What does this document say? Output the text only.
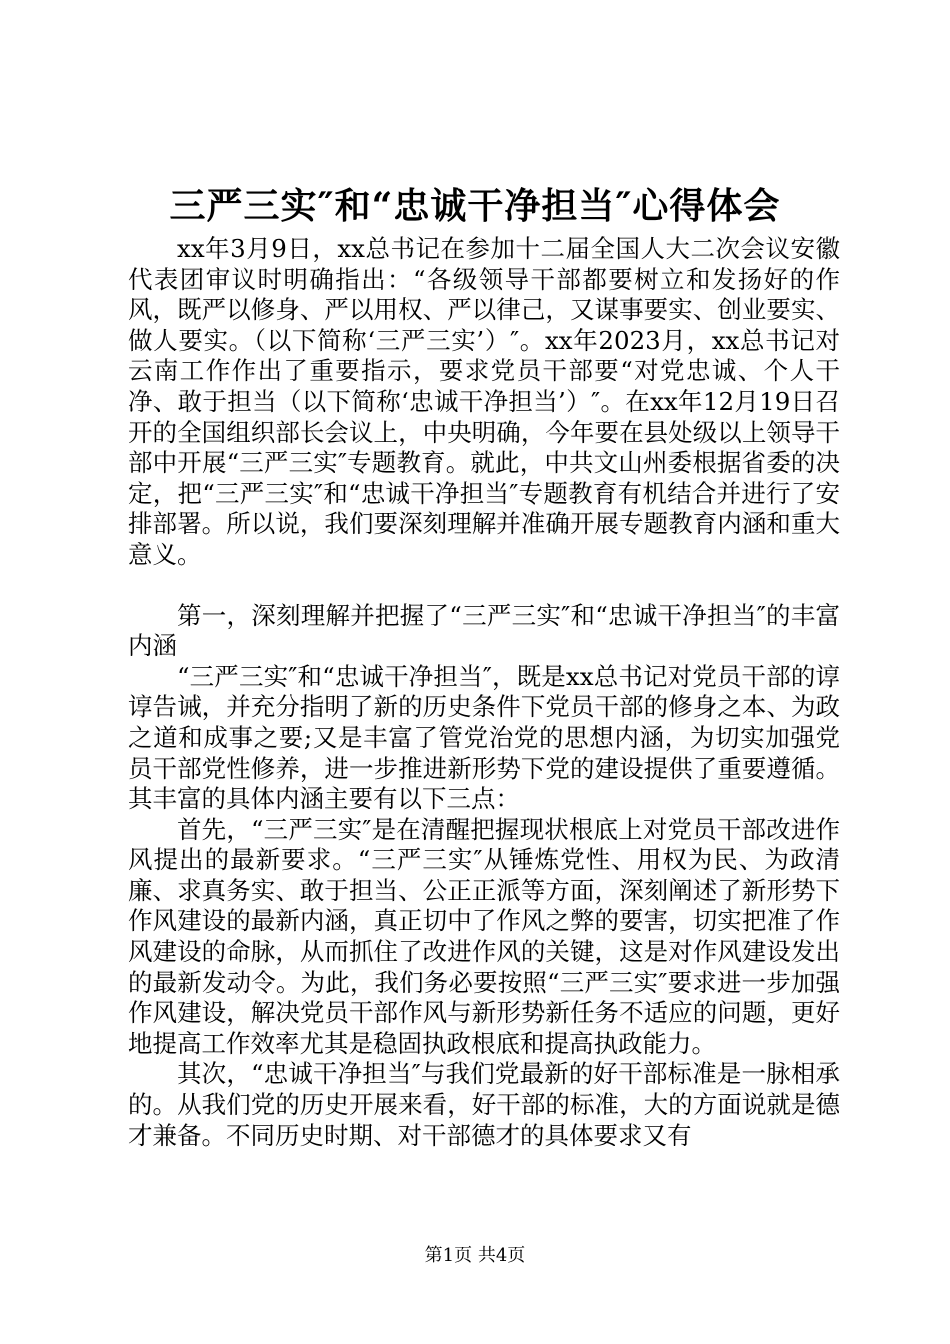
三严三实″和“忠诚干净担当″心得体会

xx年3月9日，xx总书记在参加十二届全国人大二次会议安徽代表团审议时明确指出：“各级领导干部都要树立和发扬好的作风，既严以修身、严以用权、严以律己，又谋事要实、创业要实、做人要实。（以下简称‘三严三实’）″。xx年2023月，xx总书记对云南工作作出了重要指示，要求党员干部要“对党忠诚、个人干净、敢于担当（以下简称‘忠诚干净担当’）″。在xx年12月19日召开的全国组织部长会议上，中央明确，今年要在县处级以上领导干部中开展“三严三实″专题教育。就此，中共文山州委根据省委的决定，把“三严三实″和“忠诚干净担当″专题教育有机结合并进行了安排部署。所以说，我们要深刻理解并准确开展专题教育内涵和重大意义。

第一，深刻理解并把握了“三严三实″和“忠诚干净担当″的丰富内涵

“三严三实″和“忠诚干净担当″，既是xx总书记对党员干部的谆谆告诫，并充分指明了新的历史条件下党员干部的修身之本、为政之道和成事之要;又是丰富了管党治党的思想内涵，为切实加强党员干部党性修养，进一步推进新形势下党的建设提供了重要遵循。其丰富的具体内涵主要有以下三点：

首先，“三严三实″是在清醒把握现状根底上对党员干部改进作风提出的最新要求。“三严三实″从锤炼党性、用权为民、为政清廉、求真务实、敢于担当、公正正派等方面，深刻阐述了新形势下作风建设的最新内涵，真正切中了作风之弊的要害，切实把准了作风建设的命脉，从而抓住了改进作风的关键，这是对作风建设发出的最新发动令。为此，我们务必要按照“三严三实″要求进一步加强作风建设，解决党员干部作风与新形势新任务不适应的问题，更好地提高工作效率尤其是稳固执政根底和提高执政能力。

其次，“忠诚干净担当″与我们党最新的好干部标准是一脉相承的。从我们党的历史开展来看，好干部的标准，大的方面说就是德才兼备。不同历史时期、对干部德才的具体要求又有

第1页 共4页
